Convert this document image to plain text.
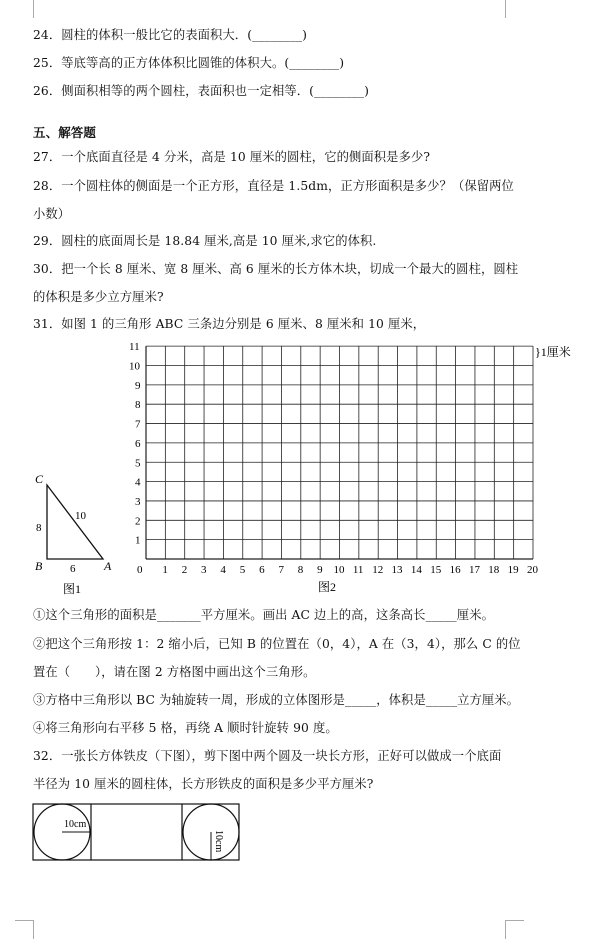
24．圆柱的体积一般比它的表面积大．(________)
25．等底等高的正方体体积比圆锥的体积大。(________)
26．侧面积相等的两个圆柱，表面积也一定相等．(________)
五、解答题
27．一个底面直径是 4 分米，高是 10 厘米的圆柱，它的侧面积是多少?
28．一个圆柱体的侧面是一个正方形，直径是 1.5dm，正方形面积是多少？（保留两位
小数）
29．圆柱的底面周长是 18.84 厘米,高是 10 厘米,求它的体积.
30．把一个长 8 厘米、宽 8 厘米、高 6 厘米的长方体木块，切成一个最大的圆柱，圆柱
的体积是多少立方厘米?
31．如图 1 的三角形 ABC 三条边分别是 6 厘米、8 厘米和 10 厘米，
C
B	A
8
10
6
图1
0 1 2 3 4 5 6 7 8 9 10 11 12 13 14 15 16 17 18 19 20
1
2
3
4
5
6
7
8
9
10
11	}1厘米
图2
①这个三角形的面积是_______平方厘米。画出 AC 边上的高，这条高长_____厘米。
②把这个三角形按 1：2 缩小后，已知 B 的位置在（0，4），A 在（3，4），那么 C 的位
置在（　　），请在图 2 方格图中画出这个三角形。
③方格中三角形以 BC 为轴旋转一周，形成的立体图形是_____，体积是_____立方厘米。
④将三角形向右平移 5 格，再绕 A 顺时针旋转 90 度。
32．一张长方体铁皮（下图），剪下图中两个圆及一块长方形，正好可以做成一个底面
半径为 10 厘米的圆柱体，长方形铁皮的面积是多少平方厘米?
10cm
10cm
